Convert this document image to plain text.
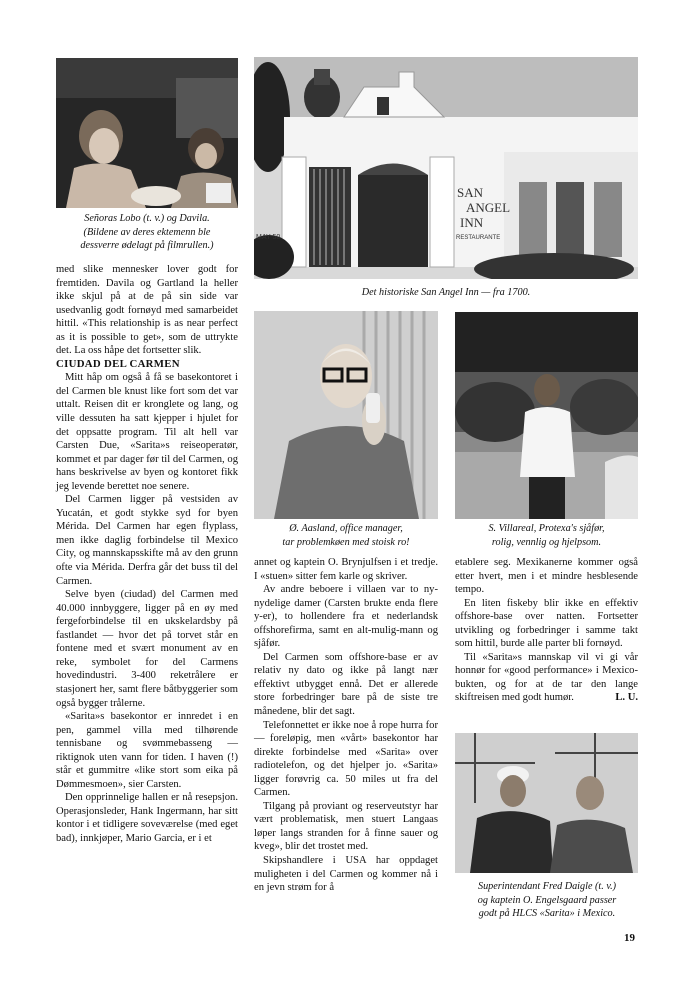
Señoras Lobo (t. v.) og Davila.
(Bildene av deres ektemenn ble
dessverre ødelagt på filmrullen.)
SAN
ANGEL
INN
RESTAURANTE
MAY 50
Det historiske San Angel Inn — fra 1700.
Ø. Aasland, office manager,
tar problemkøen med stoisk ro!
S. Villareal, Protexa's sjåfør,
rolig, vennlig og hjelpsom.
Superintendant Fred Daigle (t. v.)
og kaptein O. Engelsgaard passer
godt på HLCS «Sarita» i Mexico.

med slike mennesker lover godt for fremtiden. Davila og Gartland la heller ikke skjul på at de på sin side var usedvanlig godt fornøyd med samarbeidet hittil. «This relationship is as near perfect as it is possible to get», som de uttrykte det. La oss håpe det fortsetter slik.

CIUDAD DEL CARMEN

Mitt håp om også å få se basekontoret i del Carmen ble knust like fort som det var uttalt. Reisen dit er kronglete og lang, og ville dessuten ha satt kjepper i hjulet for det oppsatte program. Til alt hell var Carsten Due, «Sarita»s reiseoperatør, kommet et par dager før til del Carmen, og hans beskrivelse av byen og kontoret fikk jeg levende berettet noe senere.

Del Carmen ligger på vestsiden av Yucatán, et godt stykke syd for byen Mérida. Del Carmen har egen flyplass, men ikke daglig forbindelse til Mexico City, og mannskapsskifte må av den grunn ofte via Mérida. Derfra går det buss til del Carmen.

Selve byen (ciudad) del Carmen med 40.000 innbyggere, ligger på en øy med fergeforbindelse til en ukskelardsby på fastlandet — hvor det på torvet står en fontene med et svært monument av en reke, symbolet for del Carmens hovedindustri. 3-400 reketrålere er stasjonert her, samt flere båtbyggerier som også bygger trålerne.

«Sarita»s basekontor er innredet i en pen, gammel villa med tilhørende tennisbane og svømmebasseng — riktignok uten vann for tiden. I haven (!) står et gummitre «like stort som eika på Dømmesmoen», sier Carsten.

Den opprinnelige hallen er nå resepsjon. Operasjonsleder, Hank Ingermann, har sitt kontor i et tidligere soveværelse (med eget bad), innkjøper, Mario Garcia, er i et

annet og kaptein O. Brynjulfsen i et tredje. I «stuen» sitter fem karle og skriver.

Av andre beboere i villaen var to ny-nydelige damer (Carsten brukte enda flere y-er), to hollendere fra et nederlandsk offshorefirma, samt en alt-mulig-mann og sjåfør.

Del Carmen som offshore-base er av relativ ny dato og ikke på langt nær effektivt utbygget ennå. Det er allerede store forbedringer bare på de siste tre månedene, blir det sagt.

Telefonnettet er ikke noe å rope hurra for — foreløpig, men «vårt» basekontor har direkte forbindelse med «Sarita» over radiotelefon, og det hjelper jo. «Sarita» ligger forøvrig ca. 50 miles ut fra del Carmen.

Tilgang på proviant og reserveutstyr har vært problematisk, men stuert Langaas løper langs stranden for å finne sauer og kveg», blir det trostet med.

Skipshandlere i USA har oppdaget muligheten i del Carmen og kommer nå i en jevn strøm for å

etablere seg. Mexikanerne kommer også etter hvert, men i et mindre hesblesende tempo.

En liten fiskeby blir ikke en effektiv offshore-base over natten. Fortsetter utvikling og forbedringer i samme takt som hittil, burde alle parter bli fornøyd.

Til «Sarita»s mannskap vil vi gi vår honnør for «good performance» i Mexico-bukten, og for at de tar den lange skiftreisen med godt humør.	L. U.

19
